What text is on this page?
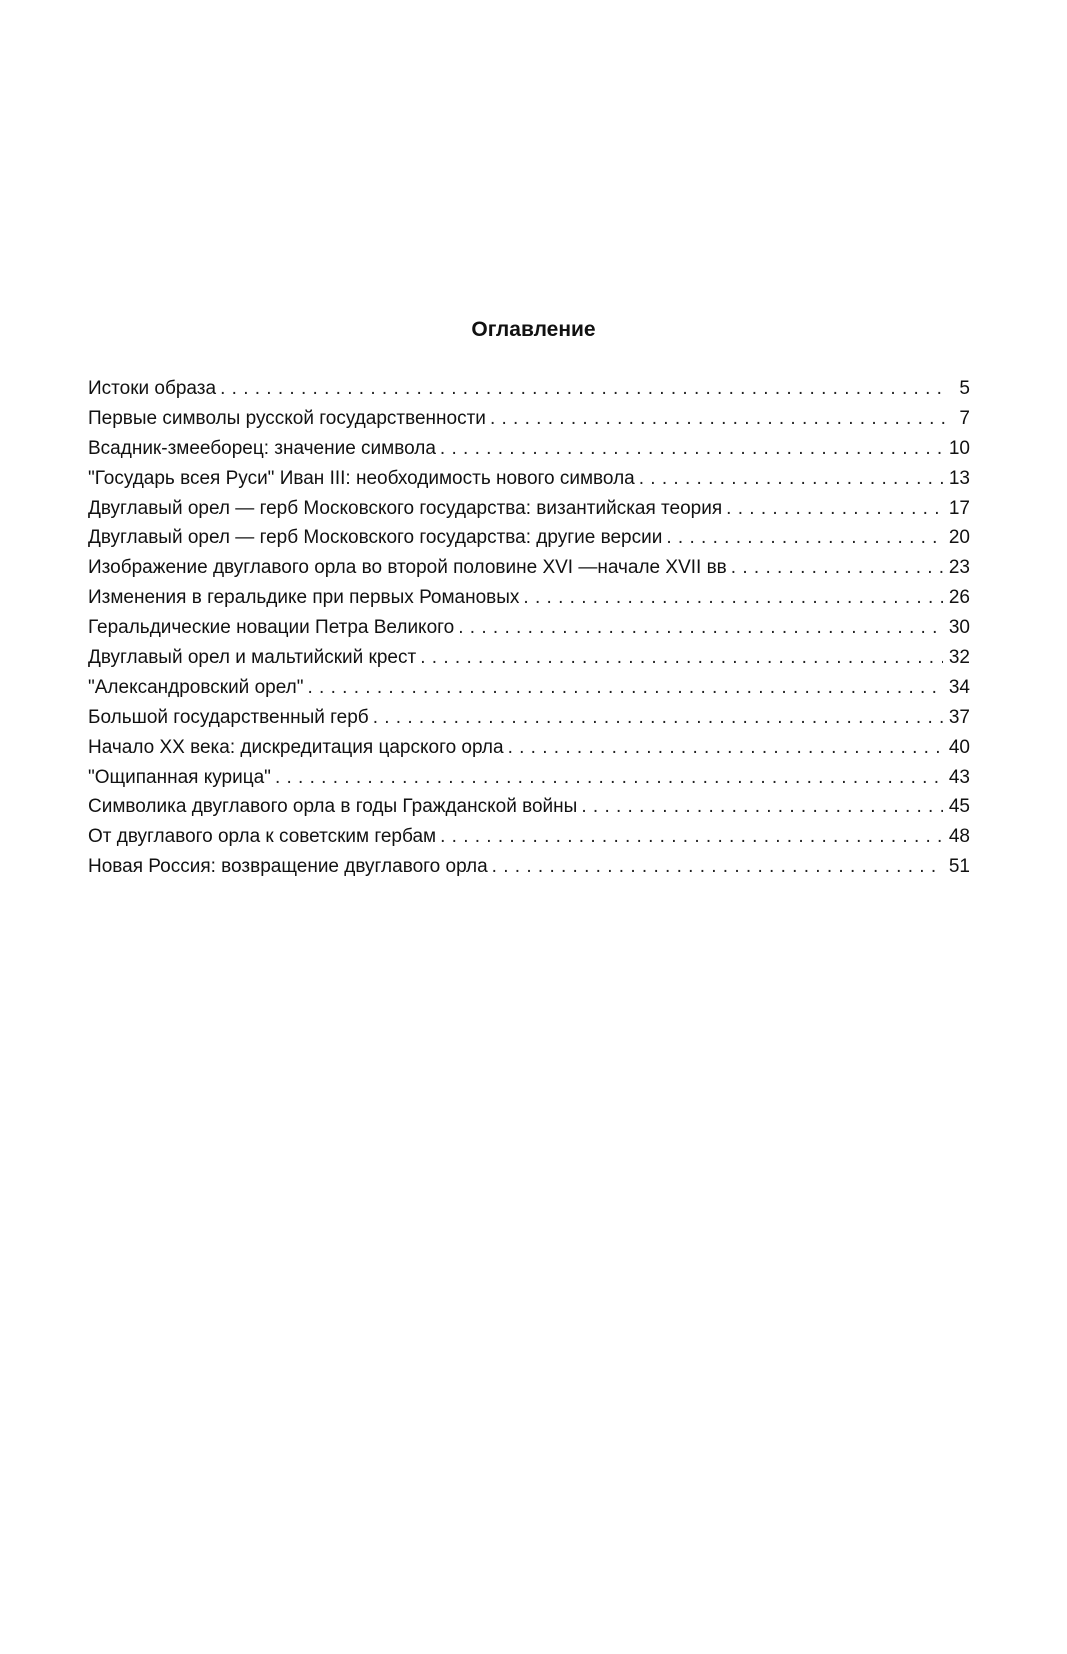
Оглавление
Истоки образа . . .	5
Первые символы русской государственности . . .	7
Всадник-змееборец: значение символа . . .	10
"Государь всея Руси" Иван III: необходимость нового символа . . .	13
Двуглавый орел — герб Московского государства: византийская теория . . .	17
Двуглавый орел — герб Московского государства: другие версии . . .	20
Изображение двуглавого орла во второй половине XVI —начале XVII вв . . .	23
Изменения в геральдике при первых Романовых . . .	26
Геральдические новации Петра Великого . . .	30
Двуглавый орел и мальтийский крест . . .	32
"Александровский орел" . . .	34
Большой государственный герб . . .	37
Начало XX века: дискредитация царского орла . . .	40
"Ощипанная курица" . . .	43
Символика двуглавого орла в годы Гражданской войны . . .	45
От двуглавого орла к советским гербам . . .	48
Новая Россия: возвращение двуглавого орла . . .	51
